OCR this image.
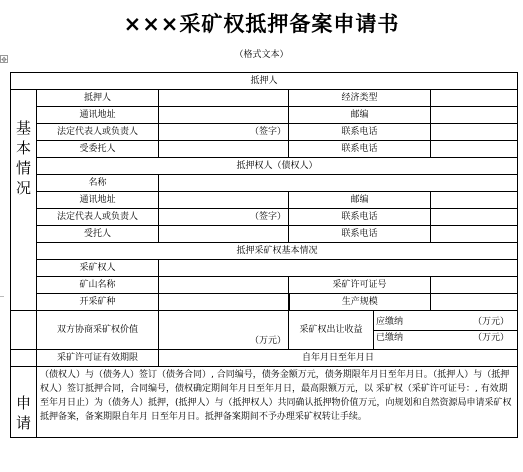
×××采矿权抵押备案申请书
（格式文本）
✥
抵押人					
基本情况	抵押人		经济类型		
	通讯地址		邮编		
	法定代表人或负责人	（签字）	联系电话		
	受委托人		联系电话		
	抵押权人（债权人）				
	名称				
	通讯地址		邮编		
	法定代表人或负责人	（签字）	联系电话		
	受托人		联系电话		
	抵押采矿权基本情况				
	采矿权人				
	矿山名称		采矿许可证号		
	开采矿种		生产规模		
	双方协商采矿权价值	（万元）	采矿权出让收益	应缴纳 （万元）
已缴纳 （万元）	

	采矿许可证有效期限	自年月日至年月日			
申请	（债权人）与（债务人）签订（债务合同）, 合同编号，债务金额万元，债务期限年月日至年月日。（抵押人）与（抵押权人）签订抵押合同，合同编号，债权确定期间年月日至年月日，最高限额万元，以 采矿权（采矿许可证号：, 有效期至年月日止）为（债务人）抵押，(抵押人）与（抵押权人）共同确认抵押物价值万元，向规划和自然资源局申请采矿权抵押备案，备案期限自年月 日至年月日。抵押备案期间不予办理采矿权转让手续。				
